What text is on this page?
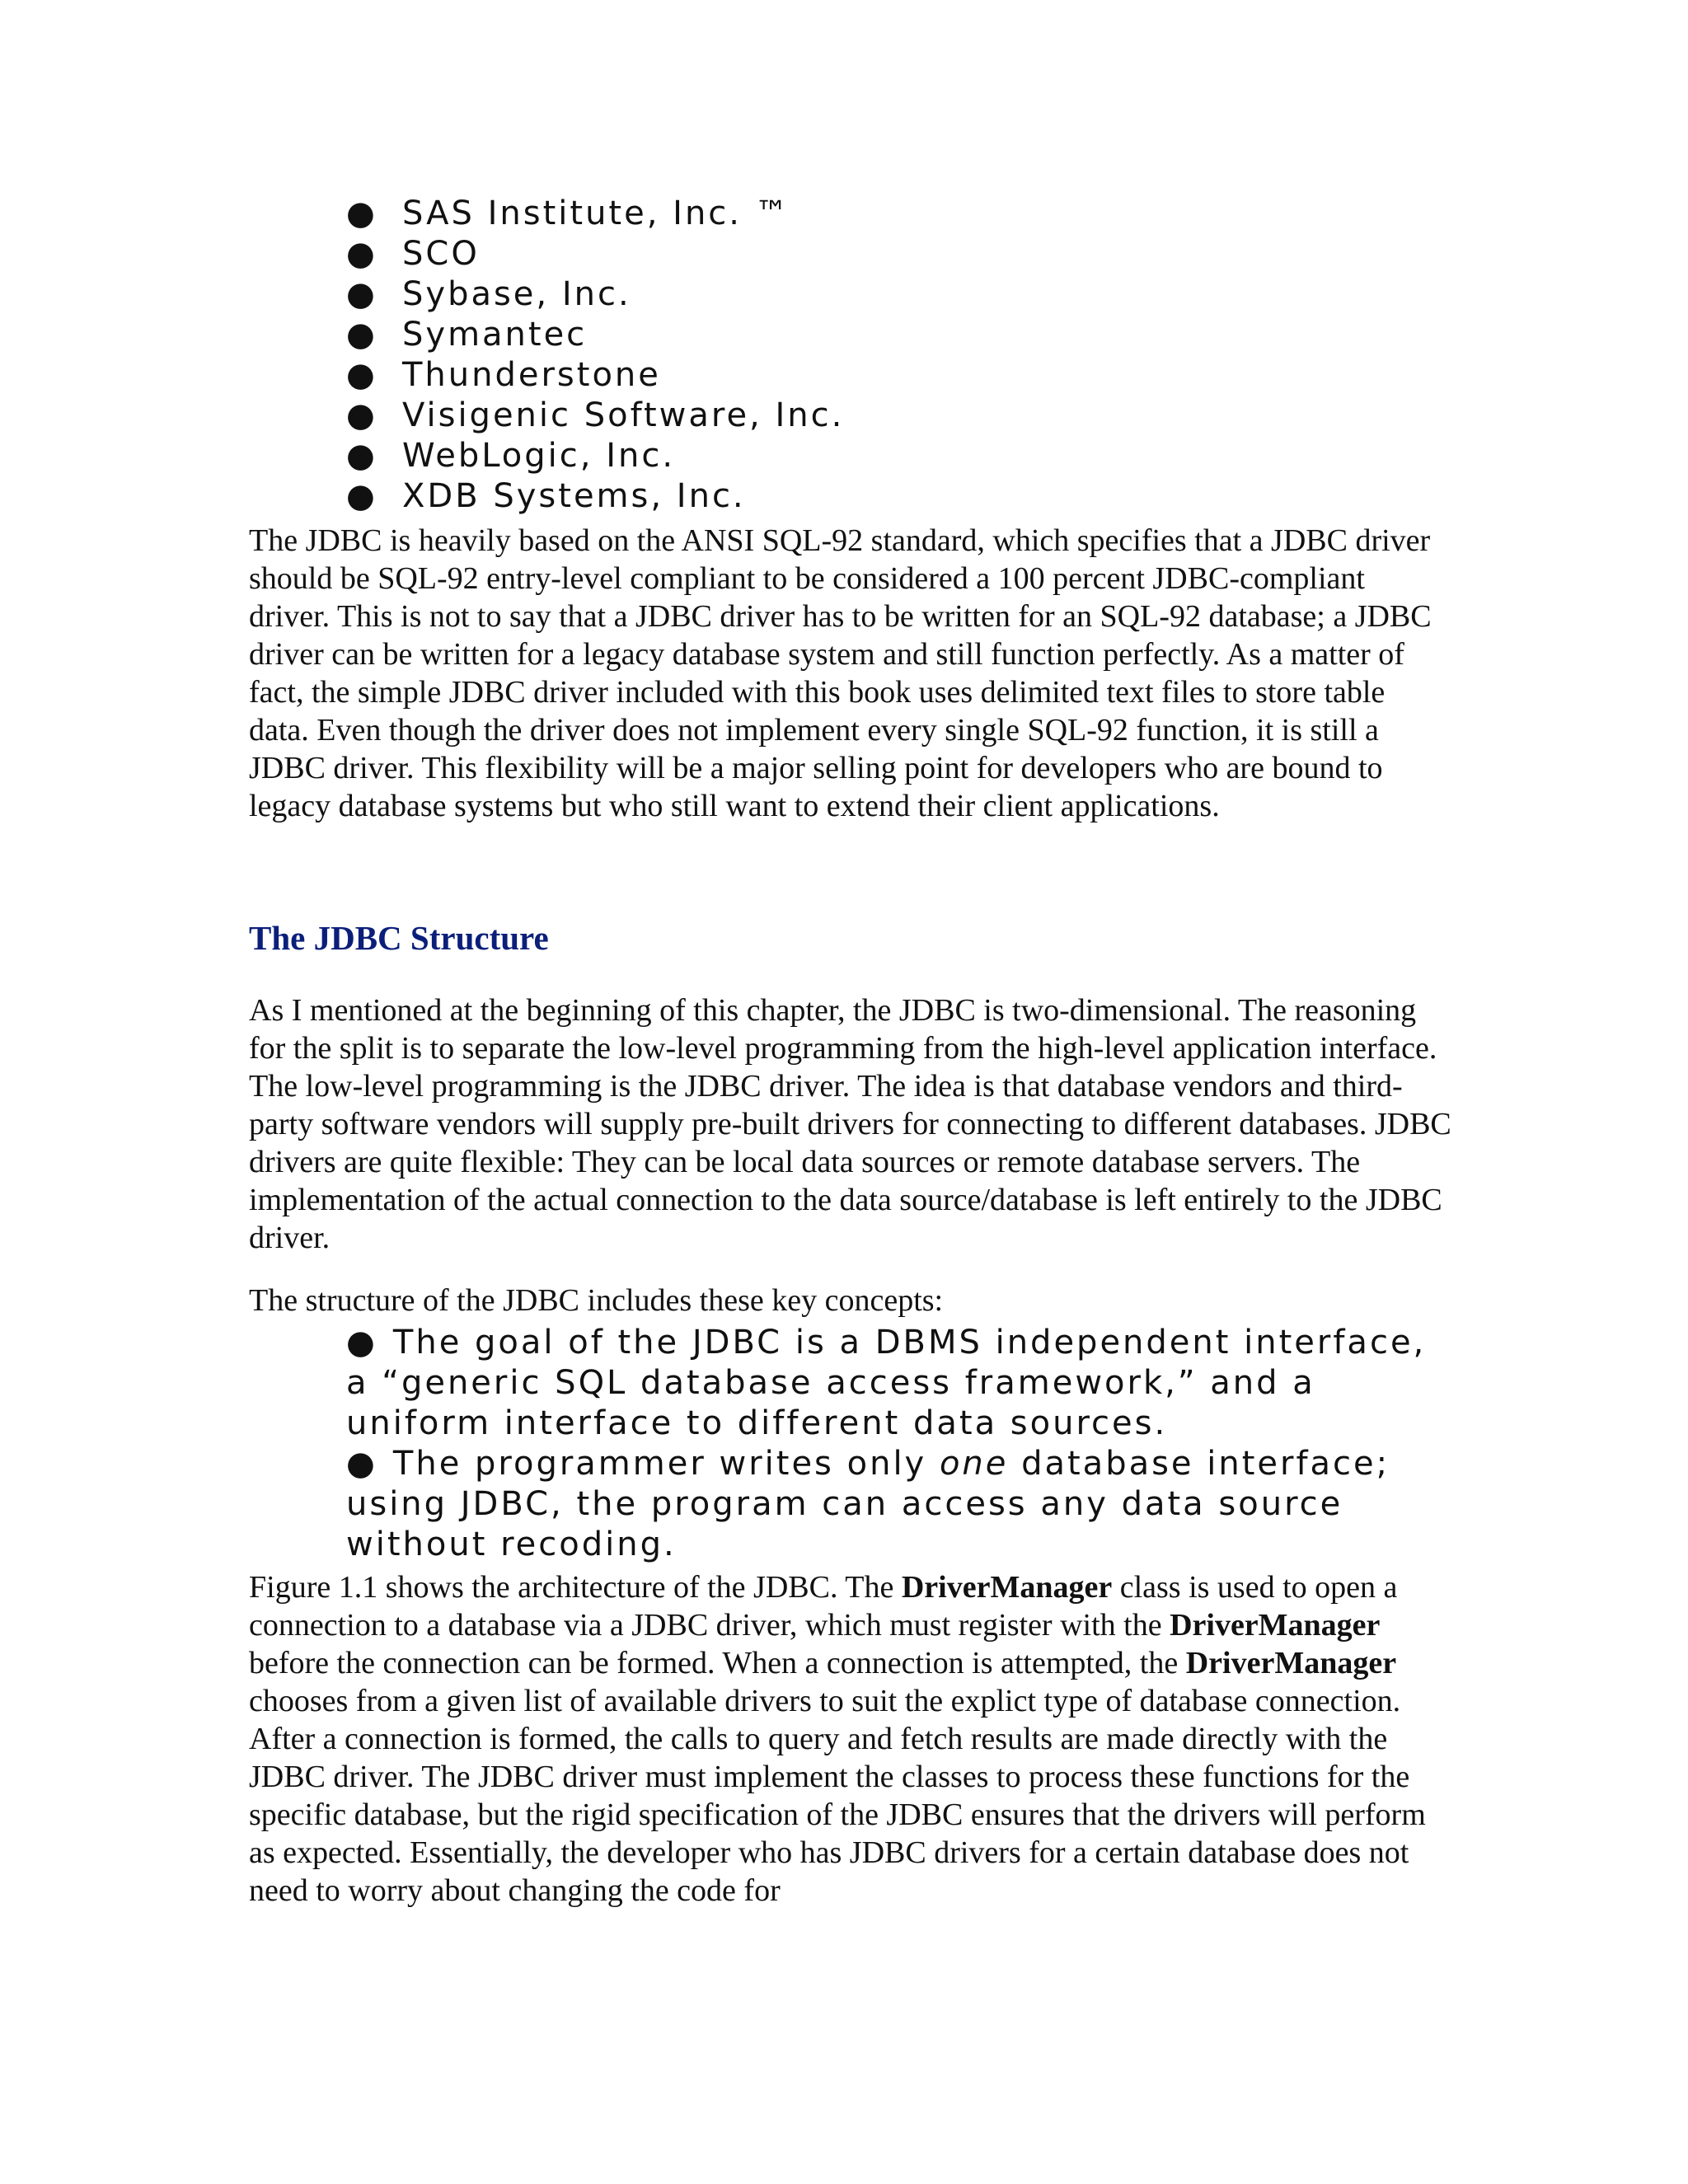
● SAS Institute, Inc. ™
● SCO
● Sybase, Inc.
● Symantec
● Thunderstone
● Visigenic Software, Inc.
● WebLogic, Inc.
● XDB Systems, Inc.

The JDBC is heavily based on the ANSI SQL-92 standard, which specifies that a JDBC driver should be SQL-92 entry-level compliant to be considered a 100 percent JDBC-compliant driver. This is not to say that a JDBC driver has to be written for an SQL-92 database; a JDBC driver can be written for a legacy database system and still function perfectly. As a matter of fact, the simple JDBC driver included with this book uses delimited text files to store table data. Even though the driver does not implement every single SQL-92 function, it is still a JDBC driver. This flexibility will be a major selling point for developers who are bound to legacy database systems but who still want to extend their client applications.

The JDBC Structure

As I mentioned at the beginning of this chapter, the JDBC is two-dimensional. The reasoning for the split is to separate the low-level programming from the high-level application interface. The low-level programming is the JDBC driver. The idea is that database vendors and third-party software vendors will supply pre-built drivers for connecting to different databases. JDBC drivers are quite flexible: They can be local data sources or remote database servers. The implementation of the actual connection to the data source/database is left entirely to the JDBC driver.

The structure of the JDBC includes these key concepts:

● The goal of the JDBC is a DBMS independent interface, a “generic SQL database access framework,” and a uniform interface to different data sources.
● The programmer writes only one database interface; using JDBC, the program can access any data source without recoding.

Figure 1.1 shows the architecture of the JDBC. The DriverManager class is used to open a connection to a database via a JDBC driver, which must register with the DriverManager before the connection can be formed. When a connection is attempted, the DriverManager chooses from a given list of available drivers to suit the explict type of database connection. After a connection is formed, the calls to query and fetch results are made directly with the JDBC driver. The JDBC driver must implement the classes to process these functions for the specific database, but the rigid specification of the JDBC ensures that the drivers will perform as expected. Essentially, the developer who has JDBC drivers for a certain database does not need to worry about changing the code for
